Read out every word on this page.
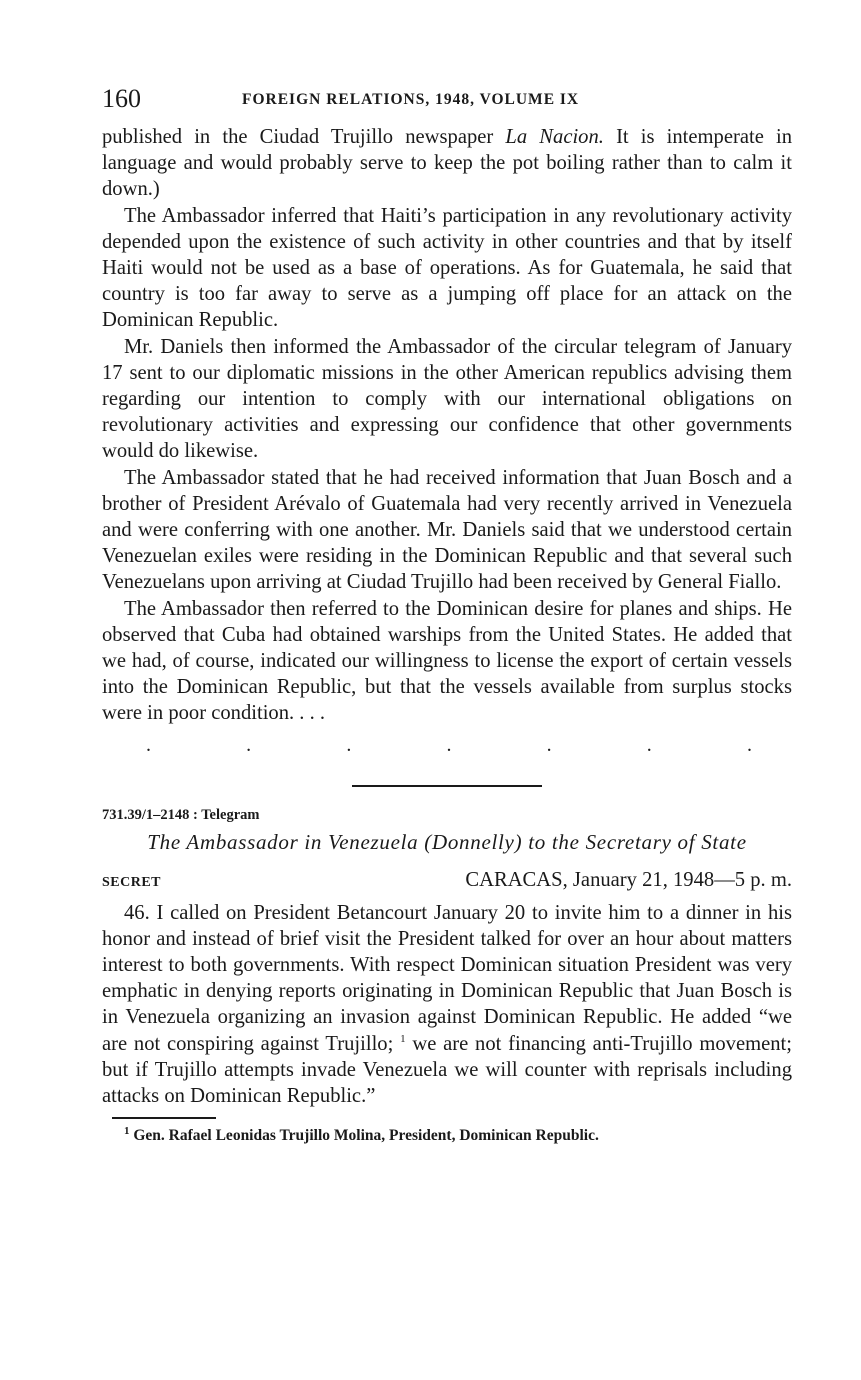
160	FOREIGN RELATIONS, 1948, VOLUME IX

published in the Ciudad Trujillo newspaper La Nacion. It is intemperate in language and would probably serve to keep the pot boiling rather than to calm it down.)

The Ambassador inferred that Haiti’s participation in any revolutionary activity depended upon the existence of such activity in other countries and that by itself Haiti would not be used as a base of operations. As for Guatemala, he said that country is too far away to serve as a jumping off place for an attack on the Dominican Republic.

Mr. Daniels then informed the Ambassador of the circular telegram of January 17 sent to our diplomatic missions in the other American republics advising them regarding our intention to comply with our international obligations on revolutionary activities and expressing our confidence that other governments would do likewise.

The Ambassador stated that he had received information that Juan Bosch and a brother of President Arévalo of Guatemala had very recently arrived in Venezuela and were conferring with one another. Mr. Daniels said that we understood certain Venezuelan exiles were residing in the Dominican Republic and that several such Venezuelans upon arriving at Ciudad Trujillo had been received by General Fiallo.

The Ambassador then referred to the Dominican desire for planes and ships. He observed that Cuba had obtained warships from the United States. He added that we had, of course, indicated our willingness to license the export of certain vessels into the Dominican Republic, but that the vessels available from surplus stocks were in poor condition. . . .

.	.	.	.	.	.	.
731.39/1–2148 : Telegram
The Ambassador in Venezuela (Donnelly) to the Secretary of State
SECRET	CARACAS, January 21, 1948—5 p. m.

46. I called on President Betancourt January 20 to invite him to a dinner in his honor and instead of brief visit the President talked for over an hour about matters interest to both governments. With respect Dominican situation President was very emphatic in denying reports originating in Dominican Republic that Juan Bosch is in Venezuela organizing an invasion against Dominican Republic. He added “we are not conspiring against Trujillo; $^1$ we are not financing anti-Trujillo movement; but if Trujillo attempts invade Venezuela we will counter with reprisals including attacks on Dominican Republic.”

$^1$ Gen. Rafael Leonidas Trujillo Molina, President, Dominican Republic.
